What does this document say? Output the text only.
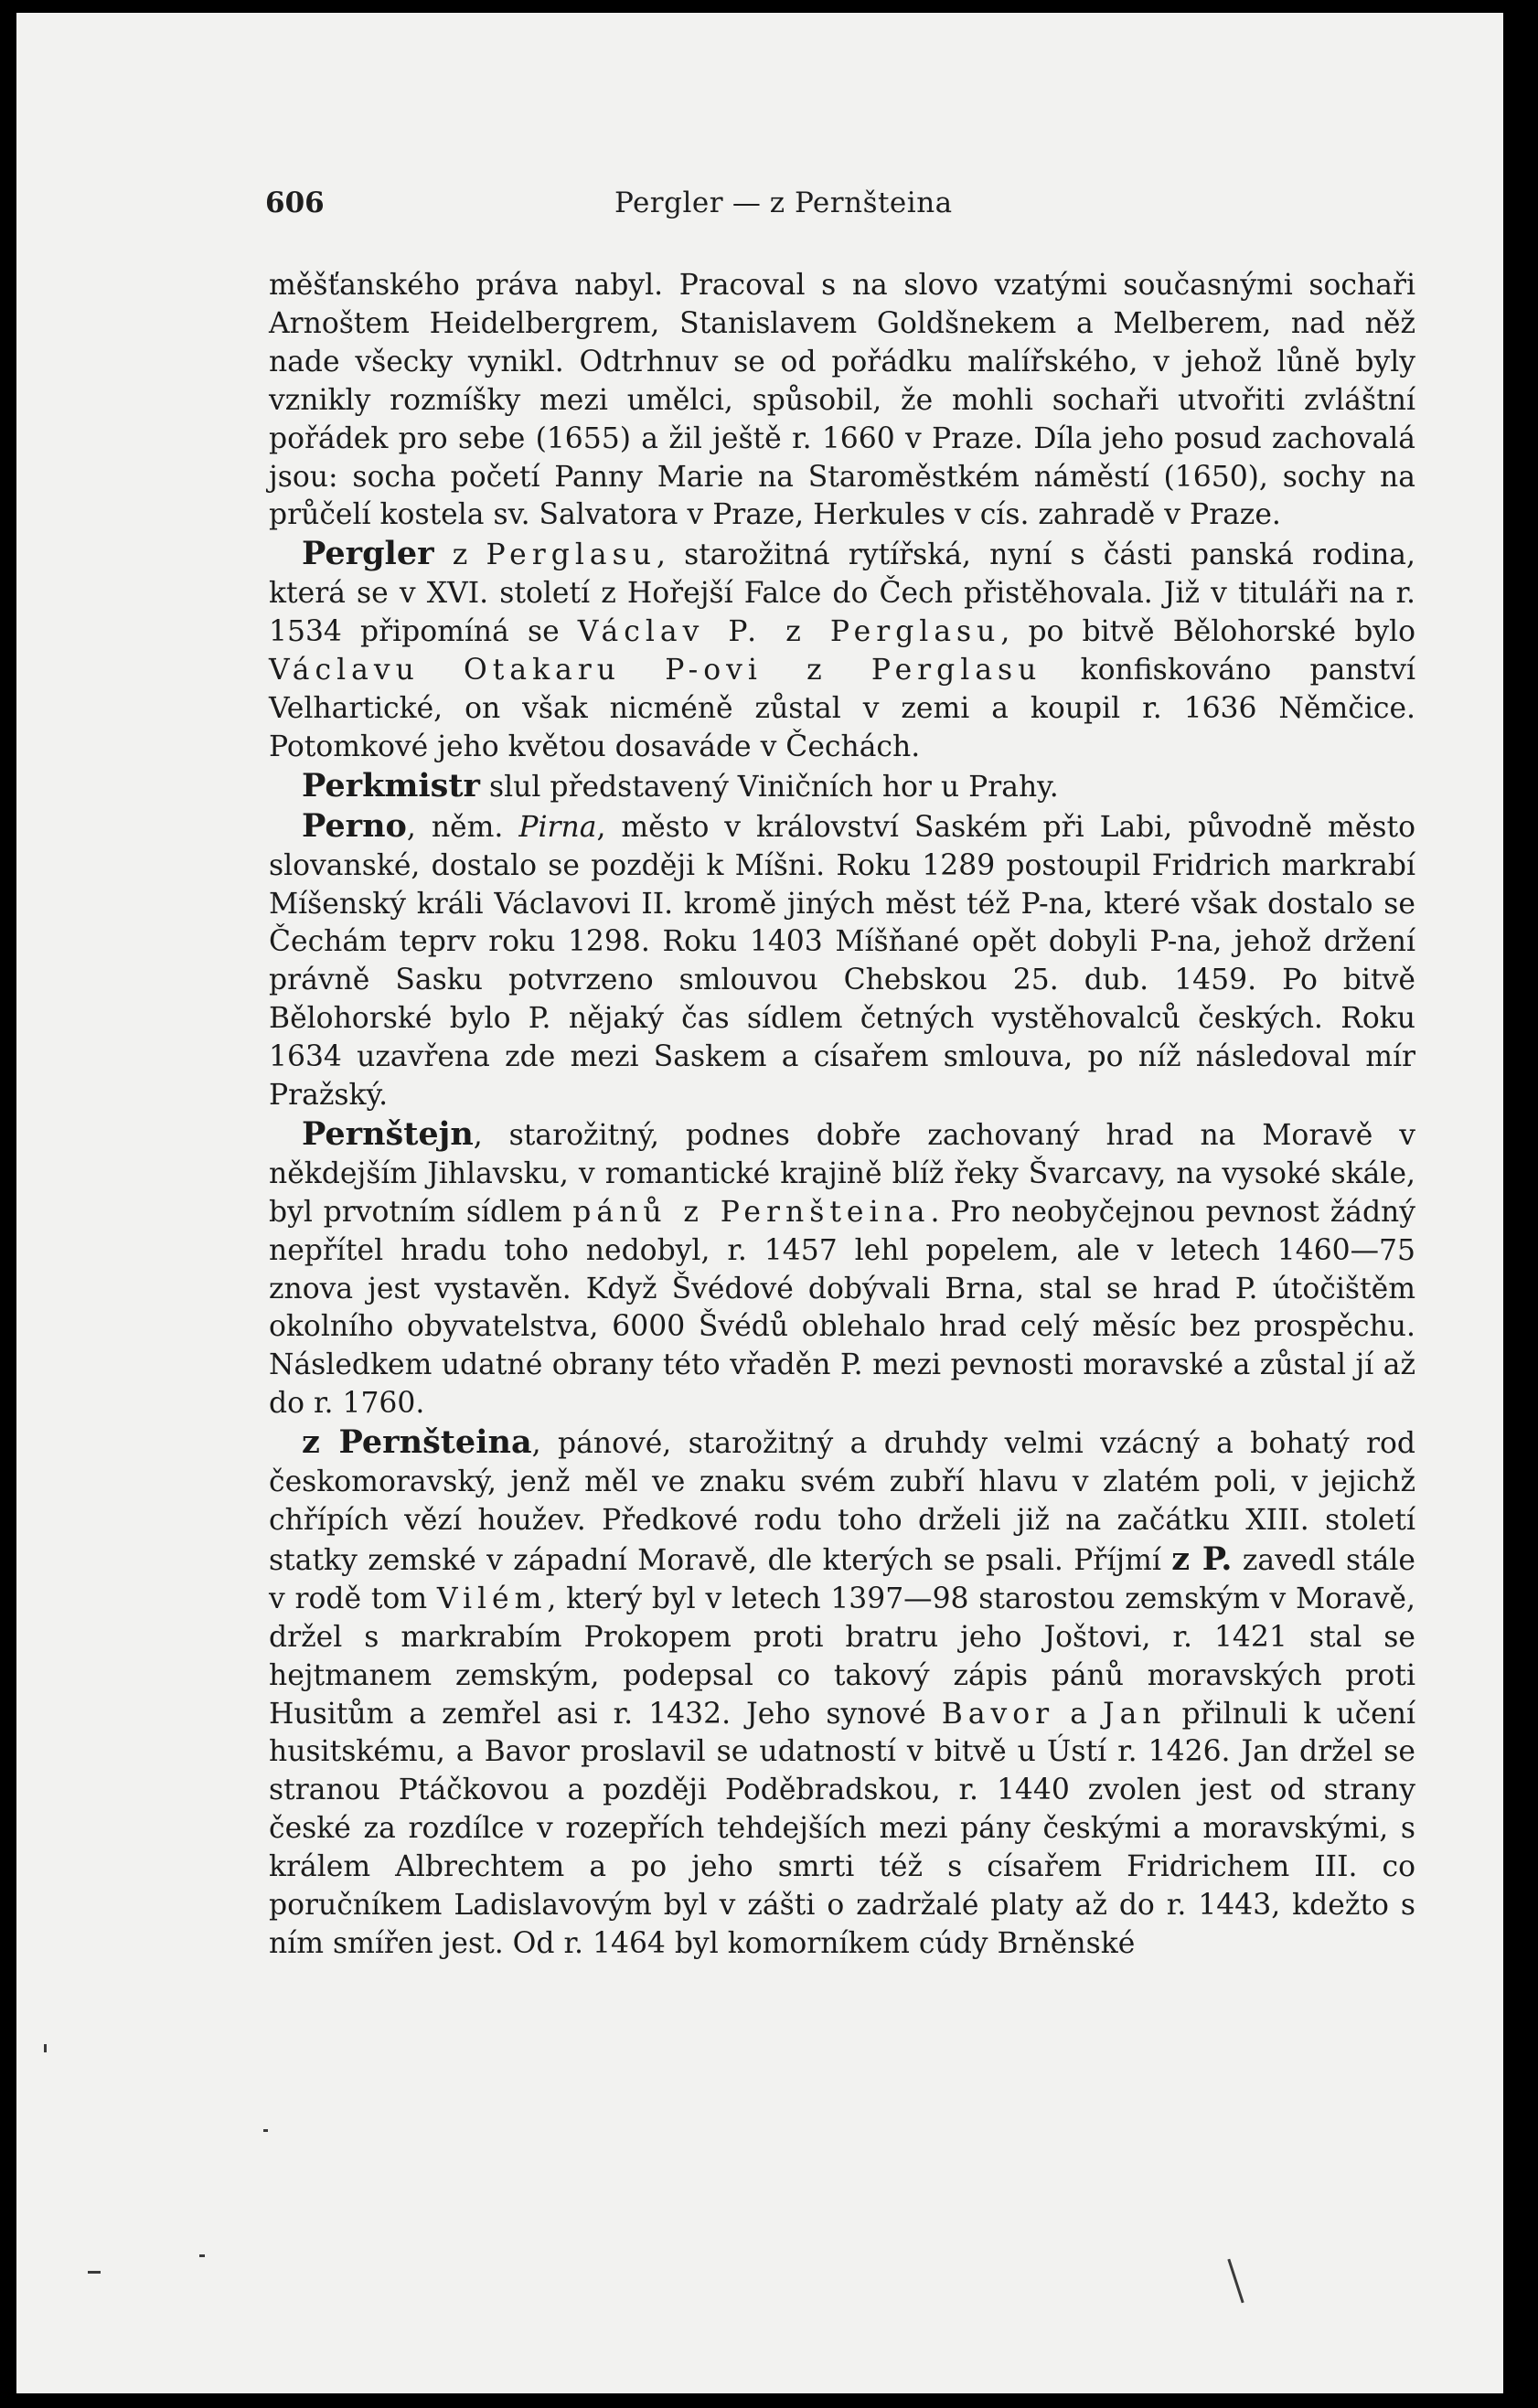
606	Pergler — z Pernšteina

měšťanského práva nabyl. Pracoval s na slovo vzatými současnými sochaři Arnoštem Heidelbergrem, Stanislavem Goldšnekem a Melberem, nad něž nade všecky vynikl. Odtrhnuv se od pořádku malířského, v jehož lůně byly vznikly rozmíšky mezi umělci, spůsobil, že mohli sochaři utvořiti zvláštní pořádek pro sebe (1655) a žil ještě r. 1660 v Praze. Díla jeho posud zachovalá jsou: socha početí Panny Marie na Staroměstkém náměstí (1650), sochy na průčelí kostela sv. Salvatora v Praze, Herkules v cís. zahradě v Praze.

Pergler z Perglasu, starožitná rytířská, nyní s části panská rodina, která se v XVI. století z Hořejší Falce do Čech přistěhovala. Již v tituláři na r. 1534 připomíná se Václav P. z Perglasu, po bitvě Bělohorské bylo Václavu Otakaru P-ovi z Perglasu konfiskováno panství Velhartické, on však nicméně zůstal v zemi a koupil r. 1636 Němčice. Potomkové jeho květou dosaváde v Čechách.

Perkmistr slul představený Viničních hor u Prahy.

Perno, něm. Pirna, město v království Saském při Labi, původně město slovanské, dostalo se později k Míšni. Roku 1289 postoupil Fridrich markrabí Míšenský králi Václavovi II. kromě jiných měst též P-na, které však dostalo se Čechám teprv roku 1298. Roku 1403 Míšňané opět dobyli P-na, jehož držení právně Sasku potvrzeno smlouvou Chebskou 25. dub. 1459. Po bitvě Bělohorské bylo P. nějaký čas sídlem četných vystěhovalců českých. Roku 1634 uzavřena zde mezi Saskem a císařem smlouva, po níž následoval mír Pražský.

Pernštejn, starožitný, podnes dobře zachovaný hrad na Moravě v někdejším Jihlavsku, v romantické krajině blíž řeky Švarcavy, na vysoké skále, byl prvotním sídlem pánů z Pernšteina. Pro neobyčejnou pevnost žádný nepřítel hradu toho nedobyl, r. 1457 lehl popelem, ale v letech 1460—75 znova jest vystavěn. Když Švédové dobývali Brna, stal se hrad P. útočištěm okolního obyvatelstva, 6000 Švédů oblehalo hrad celý měsíc bez prospěchu. Následkem udatné obrany této vřaděn P. mezi pevnosti moravské a zůstal jí až do r. 1760.

z Pernšteina, pánové, starožitný a druhdy velmi vzácný a bohatý rod českomoravský, jenž měl ve znaku svém zubří hlavu v zlatém poli, v jejichž chřípích vězí houžev. Předkové rodu toho drželi již na začátku XIII. století statky zemské v západní Moravě, dle kterých se psali. Příjmí z P. zavedl stále v rodě tom Vilém, který byl v letech 1397—98 starostou zemským v Moravě, držel s markrabím Prokopem proti bratru jeho Joštovi, r. 1421 stal se hejtmanem zemským, podepsal co takový zápis pánů moravských proti Husitům a zemřel asi r. 1432. Jeho synové Bavor a Jan přilnuli k učení husitskému, a Bavor proslavil se udatností v bitvě u Ústí r. 1426. Jan držel se stranou Ptáčkovou a později Poděbradskou, r. 1440 zvolen jest od strany české za rozdílce v rozepřích tehdejších mezi pány českými a moravskými, s králem Albrechtem a po jeho smrti též s císařem Fridrichem III. co poručníkem Ladislavovým byl v zášti o zadržalé platy až do r. 1443, kdežto s ním smířen jest. Od r. 1464 byl komorníkem cúdy Brněnské
